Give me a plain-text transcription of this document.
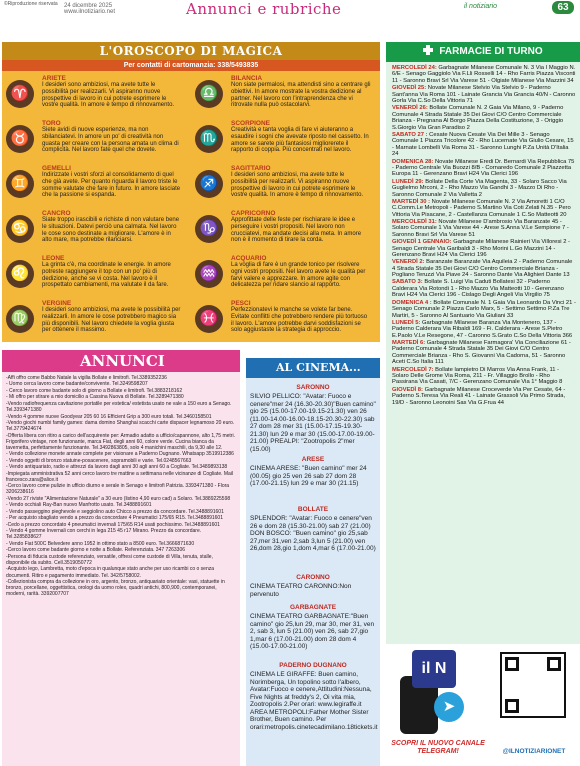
©Riproduzione riservata 24 dicembre 2025
www.ilnotiziario.net	Annunci e rubriche	il notiziario	63
L'OROSCOPO DI MAGICA
Per contatti di cartomanzia: 338/5493835
♈
ARIETE
I desideri sono ambiziosi, ma avete tutte le possibilità per realizzarli. Vi aspiranno nuove prospettive di lavoro in cui potrete esprimere le vostre qualità. In amore è tempo di rinnovamento.
♎
BILANCIA
Non siate permalosi, ma attendisti sino a centrare gli obiettivi. In amore mostrate la vostra dedizione al partner. Nel lavoro con l'intraprendenza che vi ritrovate nulla può ostacolarvi.
♉
TORO
Siete avidi di nuove esperienze, ma non sbilanciatevi. In amore un po' di creatività non guasta per creare con la persona amata un clima di complicità. Nel lavoro fate quel che dovete.
♏
SCORPIONE
Creatività e tanta voglia di fare vi aiuteranno a esaudire i sogni che avevate riposto nel cassetto. In amore se sarete più fantasiosi migliorerete il rapporto di coppia. Più concentrati nel lavoro.
♊
GEMELLI
Indirizzate i vostri sforzi al consolidamento di quel che già avete. Per quanto riguarda il lavoro triste le somme valutate che fare in futuro. In amore lasciate che la passione si espanda.
♐
SAGITTARIO
I desideri sono ambiziosi, ma avete tutte le possibilità per realizzarli. Vi aspiranno nuove prospettive di lavoro in cui potrete esprimere le vostre qualità. In amore è tempo di rinnovamento.
♋
CANCRO
Siate troppo irascibili e richiste di non valutare bene le situazioni. Datevi perciò una calmata. Nel lavoro le cose sono destinate a migliorare. L'amore è in alto mare, ma potrebbe rilanciarsi.
♑
CAPRICORNO
Approfittate delle feste per rischiarare le idee e perseguire i vostri propositi. Nel lavoro non crucciatevi, ma andate decisi alla meta. In amore non è il momento di tirare la corda.
♌
LEONE
La grinta c'è, ma coordinate le energie. In amore potreste raggiungere il top con un po' più di dedizione, anche se vi costa. Nel lavoro è il prospettato cambiamenti, ma valutate il da fare.
♒
ACQUARIO
La voglia di fare è un grande tonico per risolvere ogni vostri propositi. Nel lavoro avete le qualità per farvi valere e apprezzare. In amore agite con delicatezza per ridare slancio al rapporto.
♍
VERGINE
I desideri sono ambiziosi, ma avete le possibilità per realizzarli. In amore le cose potrebbero magico sia più disponibili. Nel lavoro chiedete la voglia giusta per ottenere il massimo.
♓
PESCI
Perfezzionatevi le manche se volete far bene. Evitate conflitti che potrebbero rendere più tortuoso il lavoro. L'amore potrebbe darvi soddisfazioni se solo aggiustaste la strategia di approccio.
ANNUNCI

-Affi offro come Babbo Natale la vigilia Bollate e limitrofi. Tel.3389352236

- Uomo cerca lavoro come badante/convivente. Tel.3249598207

- Cerco lavoro come badante solo di giorno a Bollate e limitrofi. Tel.3883218162

- Mi offro per stirare a mio domicilio a Cassina Nuova di Bollate. Tel.3289471380

-Vendo radiofrequenza cavitazione portatile per estetica/ estetista usato ne vale a 150 euro a Senago. Tel.3393471380

-Vendo 4 gomme nuove Goodyear 205 60 16 Efficient Grip a 300 euro totali. Tel.3460158501

-Vendo giochi numbi family games: dama domino Shanghai scacchi carte dispacer legnamoso 20 euro. Tel.3779424674

-Offerta libera con ritiro a carico dell'acquirente per: Armadio adatto a ufficio/capannone, alto 1,75 metri. Frigorifero vintage, non funzionante, marca Fiat, degli anni 60, colore verde. Cucina bianca da tavernetta, perfettamente funzionante. Tel.3492863805, solo 4 manichini maschili, da 9,30 alle 12.

- Vendo collezione monete annate complete per visionare a Paderno Dugnano. Whatsapp 3519912386

- Vendo oggetti di bronzo statuine-posacenere, sopramobili e varie. Tel.0248567663

- Vendo antiquariato, radio e attrezzi da lavoro dagli anni 30 agli anni 60 a Cogliate. Tel.3489893138

-Impiegata amministrativa 52 anni cerco lavoro tre mattine a settimana nelle vicinanze di Cogliate. Mail francesco.zara@alice.it

-Cerco lavoro come pulizie in ufficio diurno e serale in Senago e limitrofi Patrizia. 3393471380 - Flora 3206238616

-Vendo 27 riviste "Alimentazione Naturale" a 30 euro (listino 4,90 euro cad) a Solaro. Tel.3889225598

- Vendo occhiali Ray-Ban nuovo Manfrotto usato. Tel.3488891601

- Vendo passeggino pieghevole e seggiolino auto Chicco a prezzo da concordare. Tel.3488891601

- Per acquisto sbagliato vendo a prezzo da concordare 4 Pneumatici 175/65 R15. Tel.3488891601

-Cedo a prezzo concordato 4 pneumatici invernali 175/65 R14 usati pochissimo. Tel.3488891601

- Vendo 4 gomme Invernali con cerchi in lega 215 45 r17 Mirano. Prezzo da concordare. Tel.3285838627

- Vendo Fiat 500C Belvedere anno 1952 in ottimo stato a 8500 euro. Tel.3666871630

-Cerco lavoro come badante giorno e notte a Bollate. Referenziata. 347 7263306

-Persona di fiducia custode referenziato, versatile, offresi come custode di Villa, tenuta, stalle, disponibile da subito. Cell.3519050772

-Acquisto lego, Lambretta, moto d'epoca in qualunque stato anche per uso ricambi co o senza documenti. Ritiro e pagamento immediato. Tel. 342/5758002.

-Collezionista compra da collezione in oro, argento, bronzo, antiquariato orientale: vasi, statuette in bronzo, porcellane, oggettistica, orologi da uomo rolex, quadri antichi, 800,900, contemporanei, moderni, rarità. 3392007707

AL CINEMA...
SARONNO
SILVIO PELLICO: "Avatar: Fuoco e cenere"mer 24 (16.30-20.30)"Buen camino" gio 25 (15.00-17.00-19.15-21.30) ven 26 (11.00-14.00-16.00-18.15-20.30-22.30) sab 27 dom 28 mer 31 (15.00-17.15-19.30-21.30) lun 29 e mar 30 (15.00-17.00-19.00-21.00) PREALPI: "Zootropolis 2"mer (15.00)
ARESE
CINEMA ARESE: "Buen camino" mer 24 (00.05) gio 25 ven 26 sab 27 dom 28 (17.00-21.15) lun 29 e mar 30 (21.15)
BOLLATE
SPLENDOR: "Avatar: Fuoco e cenere"ven 26 e dom 28 (15.30-21.00) sab 27 (21.00) DON BOSCO: "Buen camino" gio 25,sab 27,mer 31,ven 2,sab 3,lun 5 (21.00) ven 26,dom 28,gio 1,dom 4,mar 6 (17.00-21.00)
CARONNO
CINEMA TEATRO CARONNO:Non pervenuto
GARBAGNATE
CINEMA TEATRO GARBAGNATE:"Buen camino" gio 25,lun 29, mar 30, mer 31, ven 2, sab 3, lun 5 (21.00) ven 26, sab 27,gio 1,mar 6 (17.00-21.00) dom 28 dom 4 (15.00-17.00-21.00)
PADERNO DUGNANO
CINEMA LE GIRAFFE: Buen camino, Norimberga, Un topolino sotto l'albero, Avatar:Fuoco e cenere,Attitudini:Nessuna, Five Nights at freddy's 2, Oi vita mia, Zootropolis 2.Per orari: www.legiraffe.it AREA METROPOLI:Father Mother Sister Brother, Buen camino. Per orari:metropolis.cinetecadimilano.18tickets.it
FARMACIE DI TURNO

MERCOLEDÌ 24: Garbagnate Milanese Comunale N. 3 Via I Maggio N. 6/E - Senago Gaggiolo Via F.Lli Rosselli 14 - Rho Farris Piazza Visconti 11 - Saronno Bravi Srl Via Varese 51 - Olgiate Milanese Via Mazzini 34

GIOVEDÌ 25: Novate Milanese Stelvio Via Stelvio 9 - Paderno Sant'anna Via Roma 101 - Lainate Grancia Via Grancia 40/N - Caronno Gorla Via C.So Della Vittoria 71

VENERDÌ 26: Bollate Comunale N. 2 Gaia Via Milano, 9 - Paderno Comunale 4 Strada Statale 35 Dei Giovi C/O Centro Commerciale Brianza - Pregnana Al Borgo Piazza Della Costituzione, 3 - Origgio S.Giorgio Via Gran Paradiso 2

SABATO 27 : Cesate Nuova Cesate Via Dei Mille 3 - Senago Comunale 1 Piazza Tricolore 42 - Rho Lucernate Via Giulio Cesare, 15 - Marnate Lombelli Via Roma 31 - Saronno Lunghi P.Za Unità D'Italia 24

DOMENICA 28: Novate Milanese Eredi Dr. Bernardi Via Repubblica 75 - Paderno Centrale Via Buozzi 8/B - Cornaredo Comunale 2 Piazzetta Europa 11 - Gerenzano Bravi H24 Via Clerici 196

LUNEDÌ 29: Bollate Della Corte Via Magenta, 33 - Solaro Sacco Via Guglielmo Mrconi, 2 - Rho Mazzo Via Gandhi 3 - Mazzo Di Rho - Saronno Comunale 2 Via Valletta 2

MARTEDÌ 30 : Novate Milanese Comunale N. 2 Via Amoretti 1 C/O C.Comm.Le Metropoli - Paderno S.Martino Via Coti Zelati N.35 - Pero Vittoria Via Pisacane, 2 - Castellanza Comunale 1 C.So Matteotti 20

MERCOLEDÌ 31: Novate Milanese D'ambrosio Via Baranzate 45 - Solaro Comunale 1 Via Varese 44 - Arese S.Anna V.Le Sempione 7 - Saronno Bravi Srl Via Varese 51

GIOVEDÌ 1 GENNAIO: Garbagnate Milanese Rainieri Via Villoresi 2 - Senago Centrale Via Garibaldi 3 - Rho Morini L.Go Mazzini 14 - Gerenzano Bravi H24 Via Clerici 196

VENERDÌ 2: Baranzate Baranzate Via Aquileia 2 - Paderno Comunale 4 Strada Statale 35 Dei Giovi C/O Centro Commerciale Brianza - Pogliano Teruzzi Via Piave 24 - Saronno Dante Via Alighieri Dante 13

SABATO 3: Bollate S. Luigi Via Caduti Bollatesi 32 - Paderno Calderara Via Rotondi 1 - Rho Mazzo Via Matteotti 10 - Gerenzano Bravi H24 Via Clerici 196 - Cislago Degli Angeli Via Virgilio 75

DOMENICA 4 : Bollate Comunale N. 1 Gaia Via Leonardo Da Vinci 21 - Senago Comunale 2 Piazza Carlo Marx, 5 - Settimo Settimo P.Za Tre Martiri, 5 - Saronno Al Santuario Via Giuliani 33

LUNEDÌ 5: Garbagnate Milanese Baranza Via Montenero, 137 - Paderno Calderara Via Ribaldi 169 - Fi. Calderara - Arese S.Pietro E.Paolo V.Le Resegone, 47 - Caronno S.Grato C.So Della Vittoria 366

MARTEDÌ 6: Garbagnate Milanese Farmagora' Via Conciliazione 61 - Paderno Comunale 4 Strada Statale 35 Dei Giovi C/O Centro Commerciale Brianza - Rho S. Giovanni Via Cadorna, 51 - Saronno Aceti C.So Italia 111

MERCOLEDÌ 7: Bollate lampietro Di Marros Via Anna Frank, 11 - Solaro Delle Grome Via Roma, 211 - Fr. Villaggio Brollo - Rho Passirana Via Casati, 7/C - Gerenzano Comunale Via 1° Maggio 8

GIOVEDÌ 8: Garbagnate Milanese Croceverde Via Per Cesate, 64 - Paderno S.Teresa Via Reali 41 - Lainate Grassoli Via Primo Strada, 19/D - Saronno Leonoini Sas Via G.Frua 44

il N
➤
SCOPRI IL NUOVO CANALE TELEGRAM!	@ILNOTIZIARIONET
